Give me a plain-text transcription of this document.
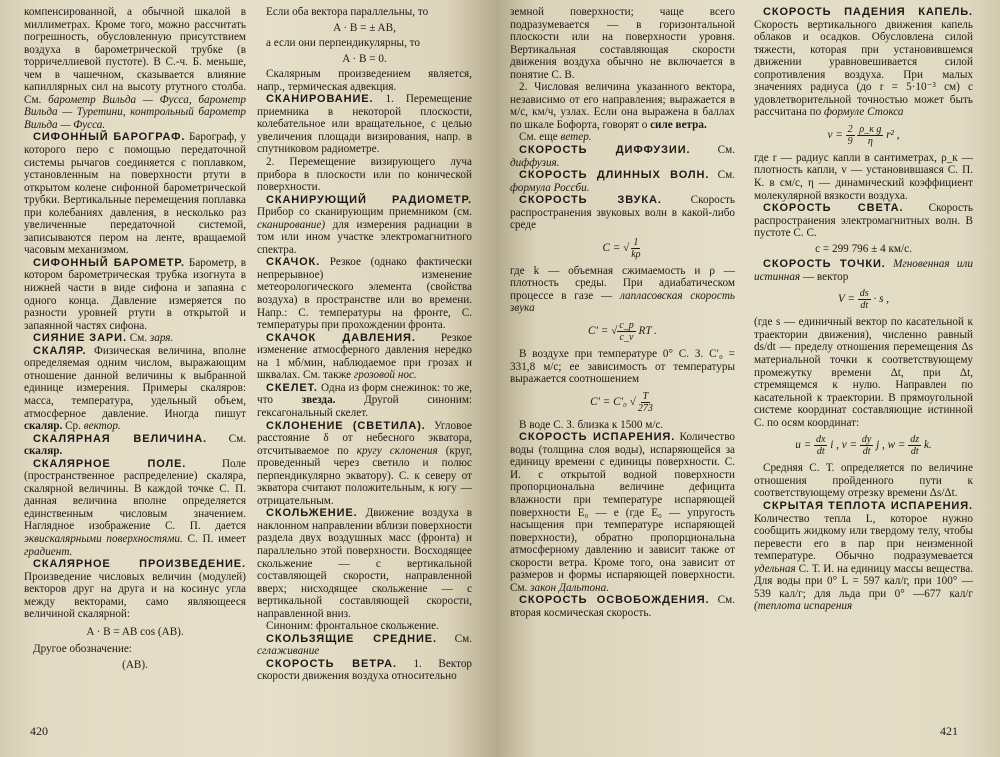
компенсированной, а обычной шкалой в миллиметрах. Кроме того, можно рассчитать погрешность, обусловленную присутствием воздуха в барометрической трубке (в торричеллиевой пустоте). В С.-ч. Б. меньше, чем в чашечном, сказывается влияние капиллярных сил на высоту ртутного столба. См. барометр Вильда — Фусса, барометр Вильда — Туретини, контрольный барометр Вильда — Фусса.

СИФОННЫЙ БАРОГРАФ. Барограф, у которого перо с помощью передаточной системы рычагов соединяется с поплавком, установленным на поверхности ртути в открытом колене сифонной барометрической трубки. Вертикальные перемещения поплавка при колебаниях давления, в несколько раз увеличенные передаточной системой, записываются пером на ленте, вращаемой часовым механизмом.

СИФОННЫЙ БАРОМЕТР. Барометр, в котором барометрическая трубка изогнута в нижней части в виде сифона и запаяна с одного конца. Давление измеряется по разности уровней ртути в открытой и запаянной частях сифона.

СИЯНИЕ ЗАРИ. См. заря.

СКАЛЯР. Физическая величина, вполне определяемая одним числом, выражающим отношение данной величины к выбранной единице измерения. Примеры скаляров: масса, температура, удельный объем, атмосферное давление. Иногда пишут скаляр. Ср. вектор.

СКАЛЯРНАЯ ВЕЛИЧИНА. См. скаляр.

СКАЛЯРНОЕ ПОЛЕ.	Поле (пространственное распределение) скаляра, скалярной величины. В каждой точке С. П. данная величина вполне определяется единственным числовым значением. Наглядное изображение С. П. дается эквискалярными поверхностями. С. П. имеет градиент.

СКАЛЯРНОЕ ПРОИЗВЕДЕНИЕ. Произведение числовых величин (модулей) векторов друг на друга и на косинус угла между векторами, само являющееся величиной скалярной:

A · B = AB cos (AB).

Другое обозначение:

(AB).

Если оба вектора параллельны, то

A · B = ± AB,

а если они перпендикулярны, то

A · B = 0.

Скалярным произведением является, напр., термическая адвекция.

СКАНИРОВАНИЕ. 1. Перемещение приемника в некоторой плоскости, колебательное или вращательное, с целью увеличения площади визирования, напр. в спутниковом радиометре.

2. Перемещение визирующего луча прибора в плоскости или по конической поверхности.

СКАНИРУЮЩИЙ РАДИОМЕТР. Прибор со сканирующим приемником (см. сканирование) для измерения радиации в том или ином участке электромагнитного спектра.

СКАЧОК. Резкое (однако фактически непрерывное) изменение метеорологического элемента (свойства воздуха) в пространстве или во времени. Напр.: С. температуры на фронте, С. температуры при прохождении фронта.

СКАЧОК ДАВЛЕНИЯ. Резкое изменение атмосферного давления нередко на 1 мб/мин, наблюдаемое при грозах и шквалах. См. также грозовой нос.

СКЕЛЕТ. Одна из форм снежинок: то же, что	звезда.	Другой синоним: гексагональный скелет.

СКЛОНЕНИЕ (СВЕТИЛА). Угловое расстояние δ от небесного экватора, отсчитываемое по кругу склонения (круг, проведенный через светило и полюс перпендикулярно экватору). С. к северу от экватора считают положительным, к югу — отрицательным.

СКОЛЬЖЕНИЕ. Движение воздуха в наклонном направлении вблизи поверхности раздела двух воздушных масс (фронта) и параллельно этой поверхности. Восходящее скольжение — с вертикальной составляющей скорости, направленной вверх; нисходящее скольжение — с вертикальной составляющей скорости, направленной вниз.

Синоним: фронтальное скольжение.

СКОЛЬЗЯЩИЕ СРЕДНИЕ. См. сглаживание

СКОРОСТЬ ВЕТРА. 1. Вектор скорости движения воздуха относительно

420

земной поверхности; чаще всего подразумевается — в горизонтальной плоскости или на поверхности уровня. Вертикальная составляющая скорости движения воздуха обычно не включается в понятие С. В.

2. Числовая величина указанного вектора, независимо от его направления; выражается в м/с, км/ч, узлах. Если она выражена в баллах по шкале Бофорта, говорят о силе ветра.

См. еще ветер.

СКОРОСТЬ ДИФФУЗИИ. См. диффузия.

СКОРОСТЬ ДЛИННЫХ ВОЛН. См. формула Россби.

СКОРОСТЬ ЗВУКА.	Скорость распространения звуковых волн в какой-либо среде

C = √ $\frac{1}{k\rho}$

где k — объемная сжимаемость и ρ — плотность среды. При адиабатическом процессе в газе — лапласовская скорость звука

C′ = √ $\frac{c\_p}{c\_v}$ RT .

В воздухе при температуре 0° С. З. C′₀ = 331,8 м/с; ее зависимость от температуры выражается соотношением

C′ = C′₀ √ $\frac{T}{273}$

В воде С. З. близка к 1500 м/с.

СКОРОСТЬ ИСПАРЕНИЯ. Количество воды (толщина слоя воды), испаряющейся за единицу времени с единицы поверхности. С. И. с открытой водной поверхности пропорциональна величине дефицита влажности при температуре испаряющей поверхности E₀ — e (где E₀ — упругость насыщения при температуре испаряющей поверхности), обратно пропорциональна атмосферному давлению и зависит также от скорости ветра. Кроме того, она зависит от размеров и формы испаряющей поверхности. См. закон Дальтона.

СКОРОСТЬ ОСВОБОЖДЕНИЯ. См. вторая космическая скорость.

СКОРОСТЬ ПАДЕНИЯ КАПЕЛЬ. Скорость вертикального движения капель облаков и осадков. Обусловлена силой тяжести, которая при установившемся движении уравновешивается силой сопротивления воздуха. При малых значениях радиуса (до r = 5·10⁻³ см) с удовлетворительной точностью может быть рассчитана по формуле Стокса

$v = \frac{2}{9}$
$\frac{\text{ρ\_к g}}{\eta} r^2$ ,

где r — радиус капли в сантиметрах, ρ_к — плотность капли, v — установившаяся С. П. К. в см/с, η — динамический коэффициент молекулярной вязкости воздуха.

СКОРОСТЬ СВЕТА. Скорость распространения электромагнитных волн. В пустоте С. С.

c = 299 796 ± 4 км/с.

СКОРОСТЬ ТОЧКИ. Мгновенная или истинная — вектор

$V = \frac{ds}{dt} \cdot s$ ,

(где s — единичный вектор по касательной к траектории движения), численно равный ds/dt — пределу отношения перемещения Δs материальной точки к соответствующему промежутку времени Δt, при Δt, стремящемся к нулю. Направлен по касательной к траектории. В прямоугольной системе координат составляющие истинной С. по осям координат:

$u = \frac{dx}{dt}$ i , $v = \frac{dy}{dt}$ j , $w = \frac{dz}{dt} k$.

Средняя С. Т. определяется по величине отношения пройденного пути к соответствующему отрезку времени Δs/Δt.

СКРЫТАЯ ТЕПЛОТА ИСПАРЕНИЯ. Количество тепла L, которое нужно сообщить жидкому или твердому телу, чтобы перевести его в пар при неизменной температуре. Обычно подразумевается удельная С. Т. И. на единицу массы вещества. Для воды при 0° L = 597 кал/г, при 100° — 539 кал/г; для льда при 0° —677 кал/г (теплота испарения

421
